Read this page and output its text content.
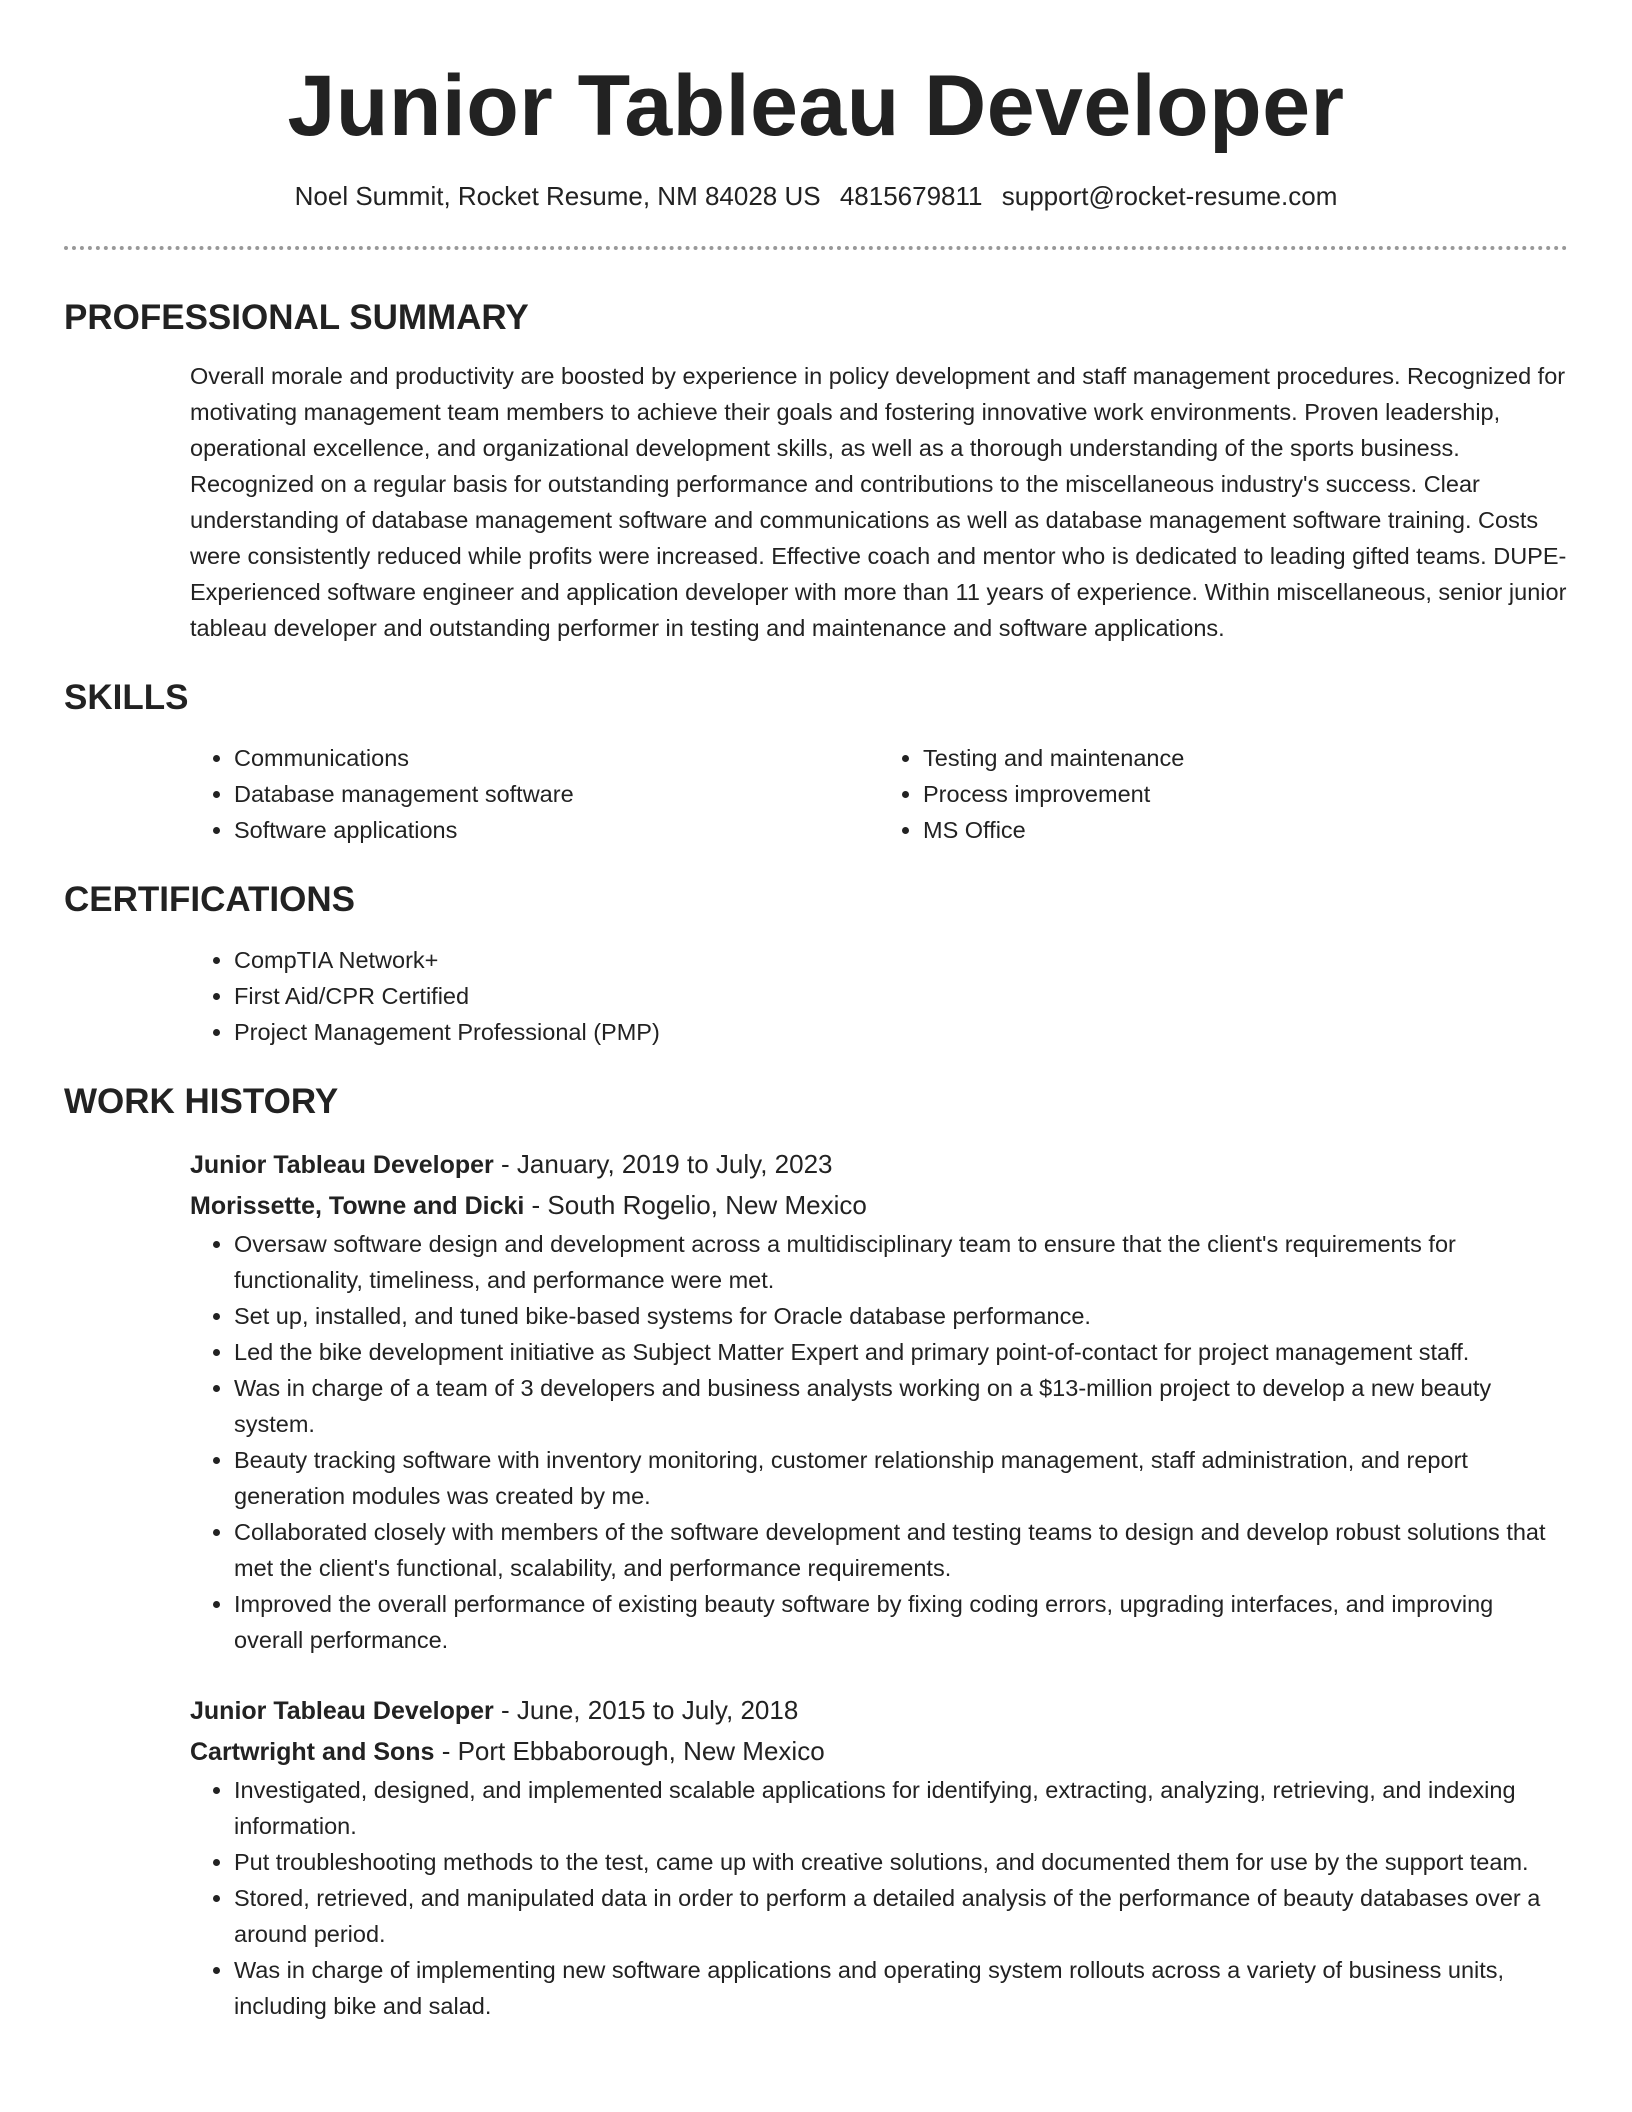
Junior Tableau Developer
Noel Summit, Rocket Resume, NM 84028 US 4815679811 support@rocket-resume.com
PROFESSIONAL SUMMARY

Overall morale and productivity are boosted by experience in policy development and staff management procedures. Recognized for motivating management team members to achieve their goals and fostering innovative work environments. Proven leadership, operational excellence, and organizational development skills, as well as a thorough understanding of the sports business. Recognized on a regular basis for outstanding performance and contributions to the miscellaneous industry's success. Clear understanding of database management software and communications as well as database management software training. Costs were consistently reduced while profits were increased. Effective coach and mentor who is dedicated to leading gifted teams. DUPE- Experienced software engineer and application developer with more than 11 years of experience. Within miscellaneous, senior junior tableau developer and outstanding performer in testing and maintenance and software applications.

SKILLS
• Communications
• Database management software
• Software applications
• Testing and maintenance
• Process improvement
• MS Office
CERTIFICATIONS
• CompTIA Network+
• First Aid/CPR Certified
• Project Management Professional (PMP)
WORK HISTORY
Junior Tableau Developer - January, 2019 to July, 2023
Morissette, Towne and Dicki - South Rogelio, New Mexico
• Oversaw software design and development across a multidisciplinary team to ensure that the client's requirements for functionality, timeliness, and performance were met.
• Set up, installed, and tuned bike-based systems for Oracle database performance.
• Led the bike development initiative as Subject Matter Expert and primary point-of-contact for project management staff.
• Was in charge of a team of 3 developers and business analysts working on a $13-million project to develop a new beauty system.
• Beauty tracking software with inventory monitoring, customer relationship management, staff administration, and report generation modules was created by me.
• Collaborated closely with members of the software development and testing teams to design and develop robust solutions that met the client's functional, scalability, and performance requirements.
• Improved the overall performance of existing beauty software by fixing coding errors, upgrading interfaces, and improving overall performance.
Junior Tableau Developer - June, 2015 to July, 2018
Cartwright and Sons - Port Ebbaborough, New Mexico
• Investigated, designed, and implemented scalable applications for identifying, extracting, analyzing, retrieving, and indexing information.
• Put troubleshooting methods to the test, came up with creative solutions, and documented them for use by the support team.
• Stored, retrieved, and manipulated data in order to perform a detailed analysis of the performance of beauty databases over a around period.
• Was in charge of implementing new software applications and operating system rollouts across a variety of business units, including bike and salad.
